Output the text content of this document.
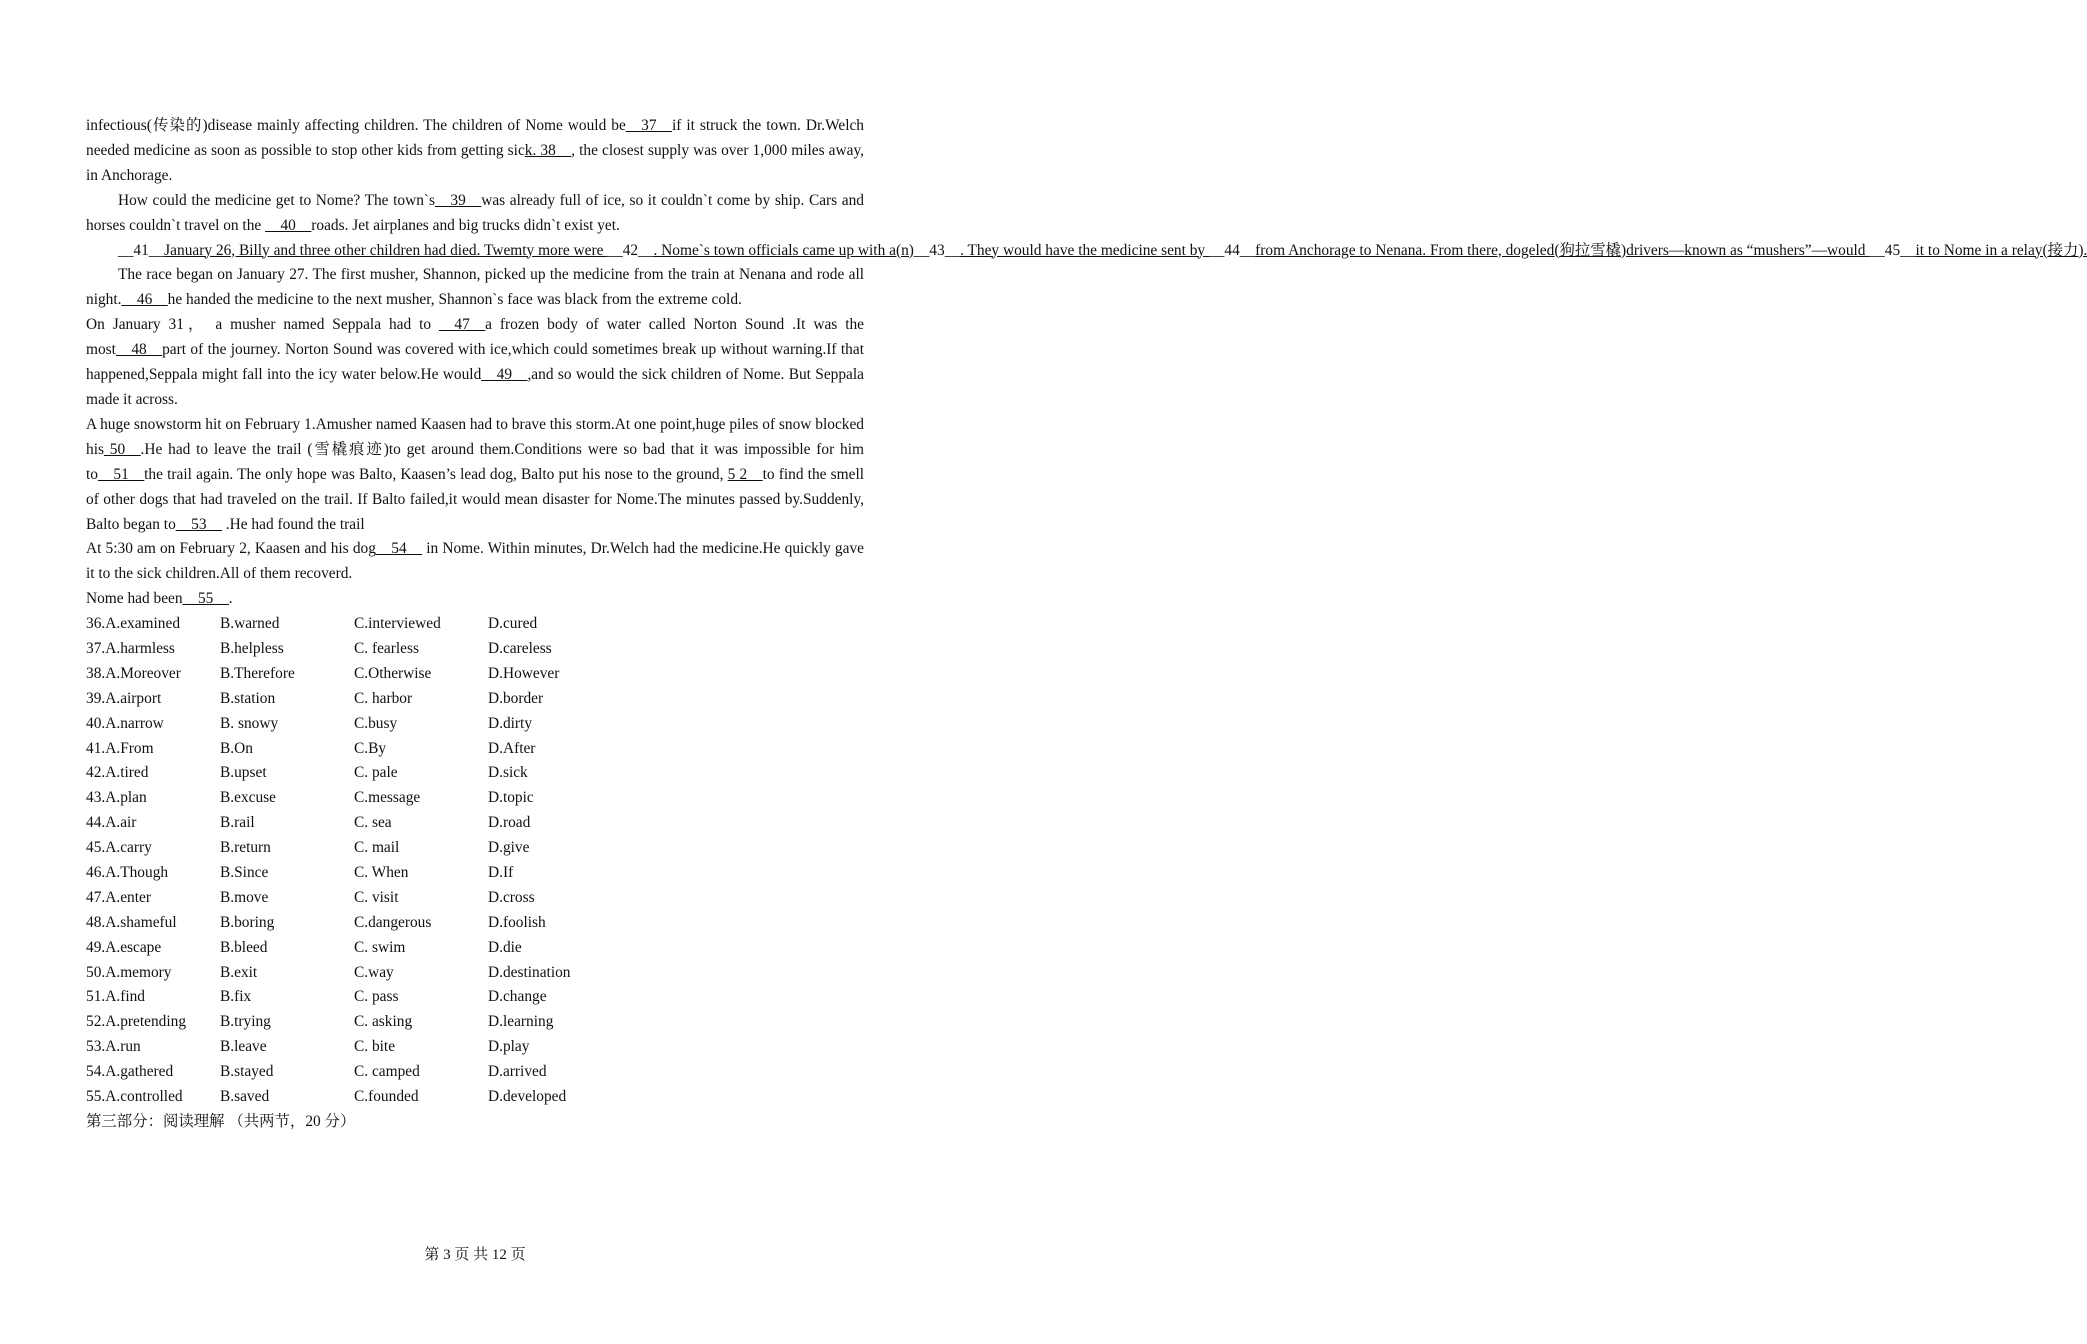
infectious(传染的)disease mainly affecting children. The children of Nome would be__37__if it struck the town. Dr.Welch needed medicine as soon as possible to stop other kids from getting sick. 38__, the closest supply was over 1,000 miles away, in Anchorage.

How could the medicine get to Nome? The town`s__39__was already full of ice, so it couldn`t come by ship. Cars and horses couldn`t travel on the __40__roads. Jet airplanes and big trucks didn`t exist yet.

__41__January 26, Billy and three other children had died. Twemty more were __42__. Nome`s town officials came up with a(n)__43__. They would have the medicine sent by __44__from Anchorage to Nenana. From there, dogeled(狗拉雪橇)drivers—known as “mushers”—would __45__it to Nome in a relay(接力).

The race began on January 27. The first musher, Shannon, picked up the medicine from the train at Nenana and rode all night.__46__he handed the medicine to the next musher, Shannon`s face was black from the extreme cold.

On January 31， a musher named Seppala had to __47__a frozen body of water called Norton Sound .It was the most__48__part of the journey. Norton Sound was covered with ice,which could sometimes break up without warning.If that happened,Seppala might fall into the icy water below.He would__49__,and so would the sick children of Nome. But Seppala made it across.

A huge snowstorm hit on February 1.Amusher named Kaasen had to brave this storm.At one point,huge piles of snow blocked his 50__.He had to leave the trail (雪橇痕迹)to get around them.Conditions were so bad that it was impossible for him to__51__the trail again. The only hope was Balto, Kaasen’s lead dog, Balto put his nose to the ground, 5 2__to find the smell of other dogs that had traveled on the trail. If Balto failed,it would mean disaster for Nome.The minutes passed by.Suddenly, Balto began to__53__ .He had found the trail

At 5:30 am on February 2, Kaasen and his dog__54__ in Nome. Within minutes, Dr.Welch had the medicine.He quickly gave it to the sick children.All of them recoverd.

Nome had been__55__.

36.A.examined	B.warned	C.interviewed	D.cured
37.A.harmless	B.helpless	C. fearless	D.careless
38.A.Moreover	B.Therefore	C.Otherwise	D.However
39.A.airport	B.station	C. harbor	D.border
40.A.narrow	B. snowy	C.busy	D.dirty
41.A.From	B.On	C.By	D.After
42.A.tired	B.upset	C. pale	D.sick
43.A.plan	B.excuse	C.message	D.topic
44.A.air	B.rail	C. sea	D.road
45.A.carry	B.return	C. mail	D.give
46.A.Though	B.Since	C. When	D.If
47.A.enter	B.move	C. visit	D.cross
48.A.shameful	B.boring	C.dangerous	D.foolish
49.A.escape	B.bleed	C. swim	D.die
50.A.memory	B.exit	C.way	D.destination
51.A.find	B.fix	C. pass	D.change
52.A.pretending B.trying	C. asking	D.learning
53.A.run	B.leave	C. bite	D.play
54.A.gathered	B.stayed	C. camped	D.arrived
55.A.controlled B.saved	C.founded	D.developed
第三部分：阅读理解 （共两节，20 分）
第 3 页 共 12 页
